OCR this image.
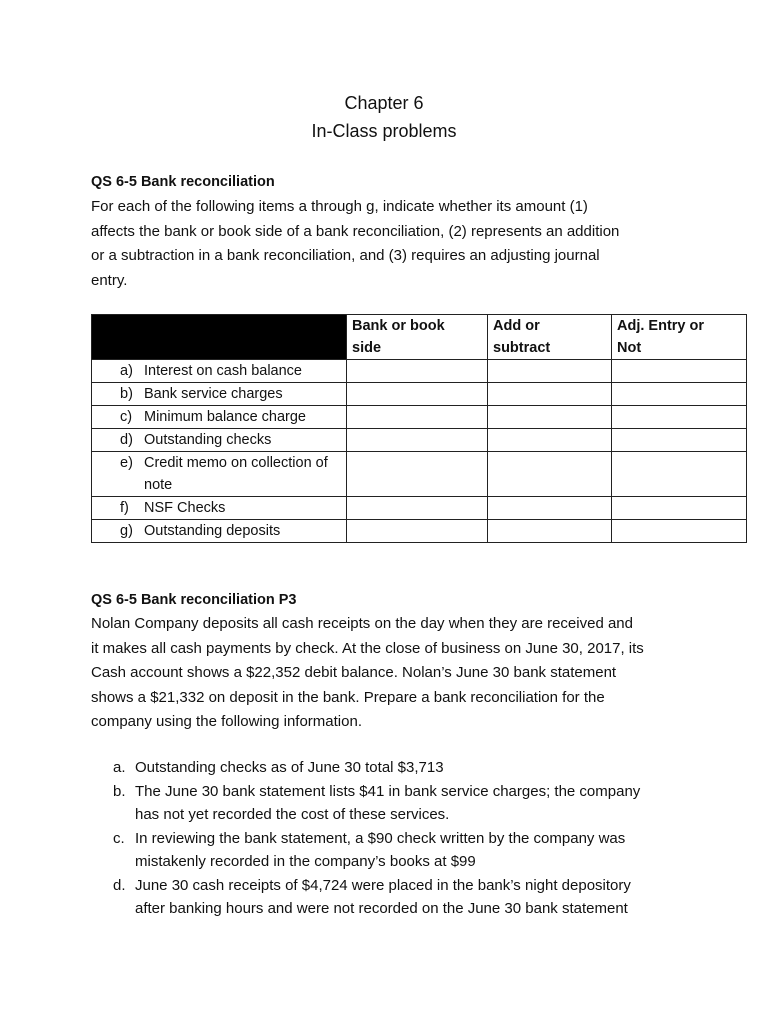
Chapter 6
In-Class problems
QS 6-5 Bank reconciliation
For each of the following items a through g, indicate whether its amount (1)
affects the bank or book side of a bank reconciliation, (2) represents an addition
or a subtraction in a bank reconciliation, and (3) requires an adjusting journal
entry.

	Bank or book side	Add or subtract	Adj. Entry or Not

a) Interest on cash balance			

b) Bank service charges			

c) Minimum balance charge			

d) Outstanding checks			

e) Credit memo on collection of note			

f) NSF Checks			

g) Outstanding deposits			

QS 6-5 Bank reconciliation P3
Nolan Company deposits all cash receipts on the day when they are received and
it makes all cash payments by check. At the close of business on June 30, 2017, its
Cash account shows a $22,352 debit balance. Nolan’s June 30 bank statement
shows a $21,332 on deposit in the bank. Prepare a bank reconciliation for the
company using the following information.
a. Outstanding checks as of June 30 total $3,713
b. The June 30 bank statement lists $41 in bank service charges; the company
has not yet recorded the cost of these services.
c. In reviewing the bank statement, a $90 check written by the company was
mistakenly recorded in the company’s books at $99
d. June 30 cash receipts of $4,724 were placed in the bank’s night depository
after banking hours and were not recorded on the June 30 bank statement
